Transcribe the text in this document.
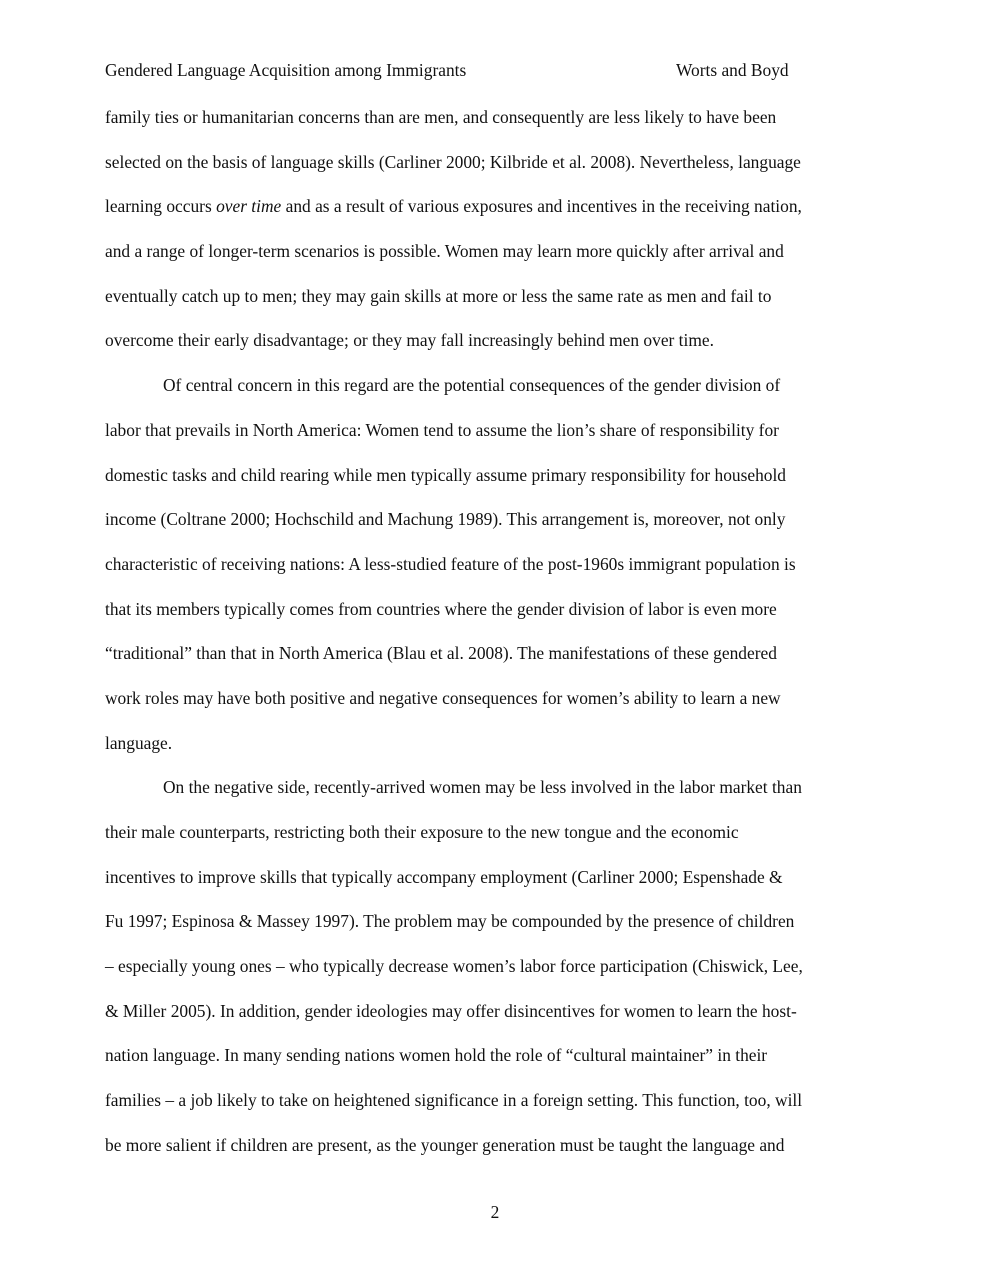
Gendered Language Acquisition among Immigrants	Worts and Boyd
family ties or humanitarian concerns than are men, and consequently are less likely to have been
selected on the basis of language skills (Carliner 2000; Kilbride et al. 2008). Nevertheless, language
learning occurs over time and as a result of various exposures and incentives in the receiving nation,
and a range of longer-term scenarios is possible. Women may learn more quickly after arrival and
eventually catch up to men; they may gain skills at more or less the same rate as men and fail to
overcome their early disadvantage; or they may fall increasingly behind men over time.
Of central concern in this regard are the potential consequences of the gender division of
labor that prevails in North America: Women tend to assume the lion’s share of responsibility for
domestic tasks and child rearing while men typically assume primary responsibility for household
income (Coltrane 2000; Hochschild and Machung 1989). This arrangement is, moreover, not only
characteristic of receiving nations: A less-studied feature of the post-1960s immigrant population is
that its members typically comes from countries where the gender division of labor is even more
“traditional” than that in North America (Blau et al. 2008). The manifestations of these gendered
work roles may have both positive and negative consequences for women’s ability to learn a new
language.
On the negative side, recently-arrived women may be less involved in the labor market than
their male counterparts, restricting both their exposure to the new tongue and the economic
incentives to improve skills that typically accompany employment (Carliner 2000; Espenshade &
Fu 1997; Espinosa & Massey 1997). The problem may be compounded by the presence of children
– especially young ones – who typically decrease women’s labor force participation (Chiswick, Lee,
& Miller 2005). In addition, gender ideologies may offer disincentives for women to learn the host-
nation language. In many sending nations women hold the role of “cultural maintainer” in their
families – a job likely to take on heightened significance in a foreign setting. This function, too, will
be more salient if children are present, as the younger generation must be taught the language and
2
